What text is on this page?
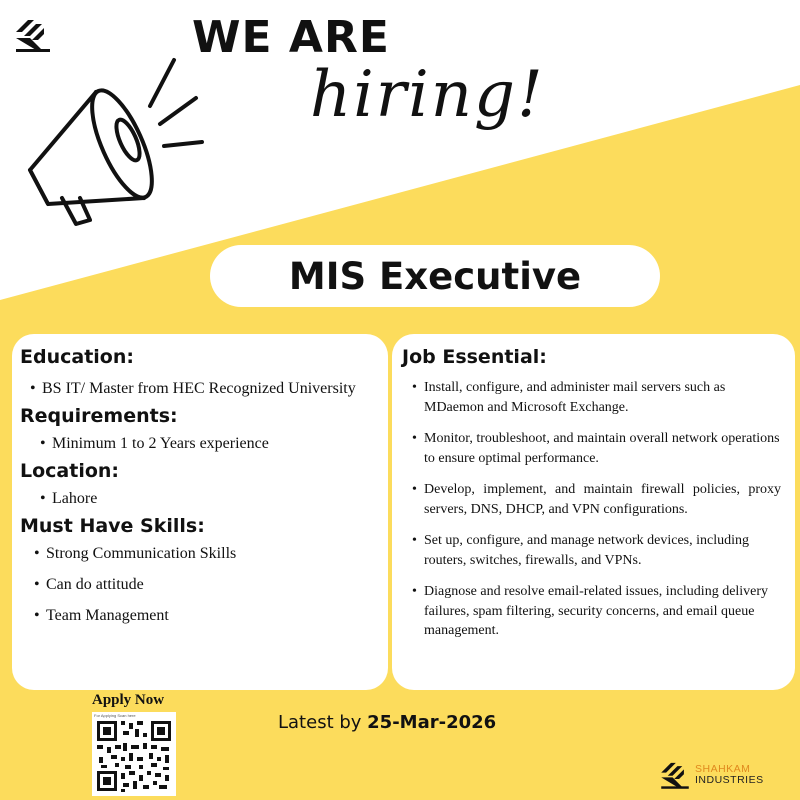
WE ARE
hiring!
MIS Executive
Education:
• BS IT/ Master from HEC Recognized University
Requirements:
• Minimum 1 to 2 Years experience
Location:
• Lahore
Must Have Skills:
• Strong Communication Skills
• Can do attitude
• Team Management
Job Essential:
• Install, configure, and administer mail servers such as MDaemon and Microsoft Exchange.
• Monitor, troubleshoot, and maintain overall network operations to ensure optimal performance.
• Develop, implement, and maintain firewall policies, proxy servers, DNS, DHCP, and VPN configurations.
• Set up, configure, and manage network devices, including routers, switches, firewalls, and VPNs.
• Diagnose and resolve email-related issues, including delivery failures, spam filtering, security concerns, and email queue management.
Apply Now
For Applying Scan here	Latest by 25-Mar-2026
SHAHKAM
INDUSTRIES
